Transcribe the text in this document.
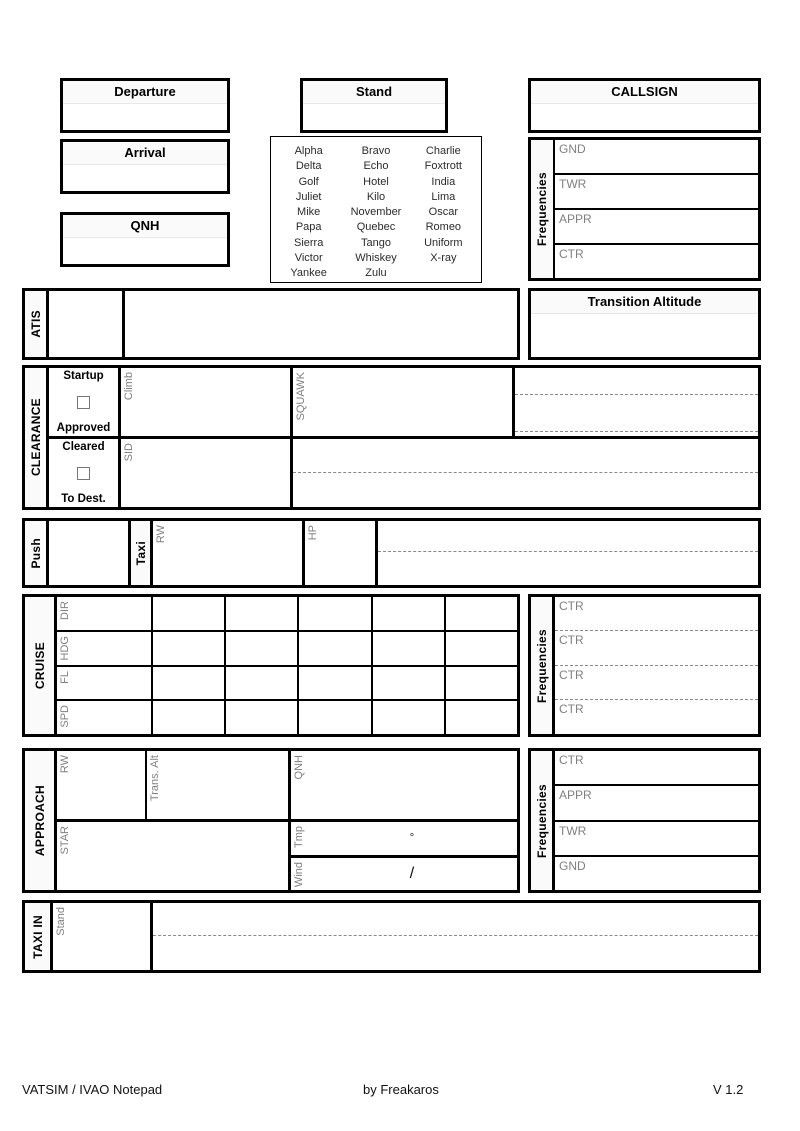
Departure
Arrival
QNH
Stand
Alpha	Bravo	Charlie
Delta	Echo	Foxtrott
Golf	Hotel	India
Juliet	Kilo	Lima
Mike	November	Oscar
Papa	Quebec	Romeo
Sierra	Tango	Uniform
Victor	Whiskey	X-ray
Yankee	Zulu
CALLSIGN
Frequencies
GND
TWR
APPR
CTR
ATIS
Transition Altitude
CLEARANCE
Startup
Approved
Climb	SQUAWK
Cleared
To Dest.
SID
Push	Taxi
RW	HP
CRUISE
DIR
HDG
FL
SPD
Frequencies
CTR
CTR
CTR
CTR
APPROACH
RW	Trans. Alt	QNH
STAR	Tmp	°
Wind	/
Frequencies
CTR
APPR
TWR
GND
TAXI IN Stand
VATSIM / IVAO Notepad	by Freakaros	V 1.2
